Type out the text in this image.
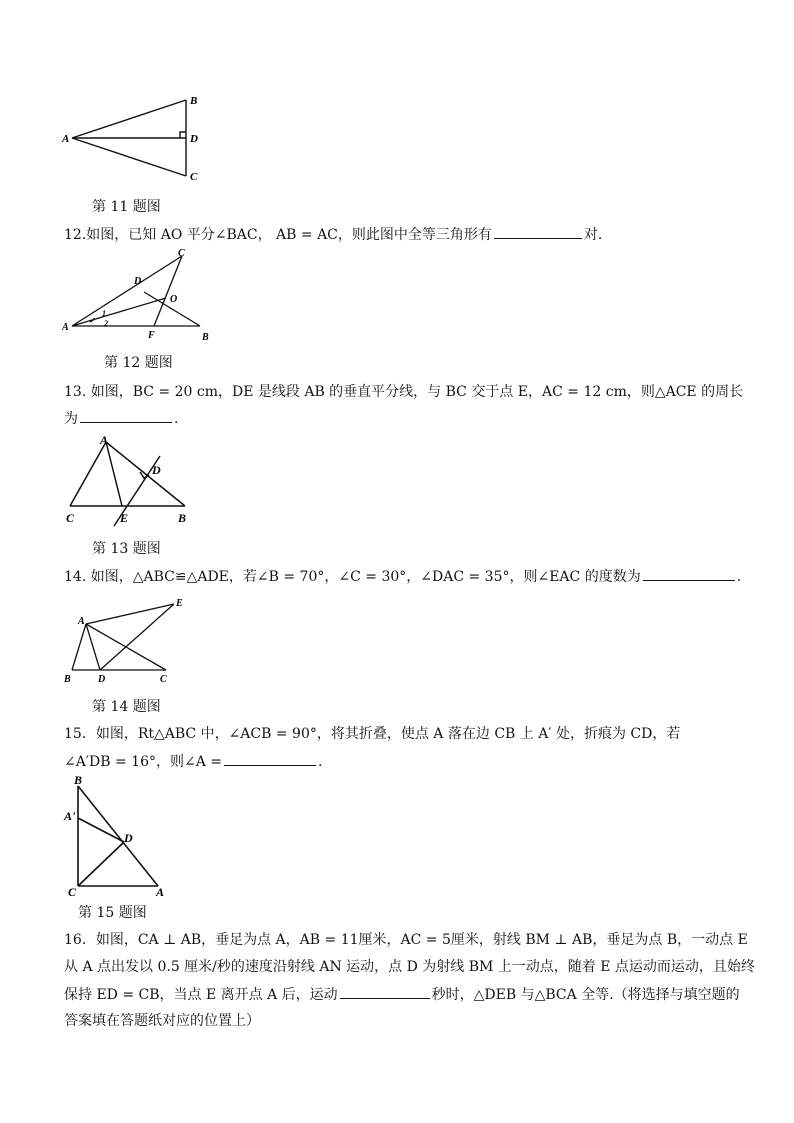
A
B
D
C
第 11 题图
12.如图，已知 AO 平分∠BAC， AB = AC，则此图中全等三角形有	对.
C
D
O
A
F	B
1
2
第 12 题图
13. 如图，BC = 20 cm，DE 是线段 AB 的垂直平分线，与 BC 交于点 E，AC = 12 cm，则△ACE 的周长
为	.
A
D
C	E	B
第 13 题图
14. 如图，△ABC≌△ADE，若∠B = 70°，∠C = 30°，∠DAC = 35°，则∠EAC 的度数为	.
A
E
B	D	C
第 14 题图
15．如图，Rt△ABC 中，∠ACB = 90°，将其折叠，使点 A 落在边 CB 上 A′ 处，折痕为 CD，若
∠A′DB = 16°，则∠A =	.
B
A'
D
C	A
第 15 题图
16．如图，CA ⊥ AB，垂足为点 A，AB = 11厘米，AC = 5厘米，射线 BM ⊥ AB，垂足为点 B，一动点 E
从 A 点出发以 0.5 厘米/秒的速度沿射线 AN 运动，点 D 为射线 BM 上一动点，随着 E 点运动而运动，且始终
保持 ED = CB，当点 E 离开点 A 后，运动	秒时，△DEB 与△BCA 全等.（将选择与填空题的
答案填在答题纸对应的位置上）
